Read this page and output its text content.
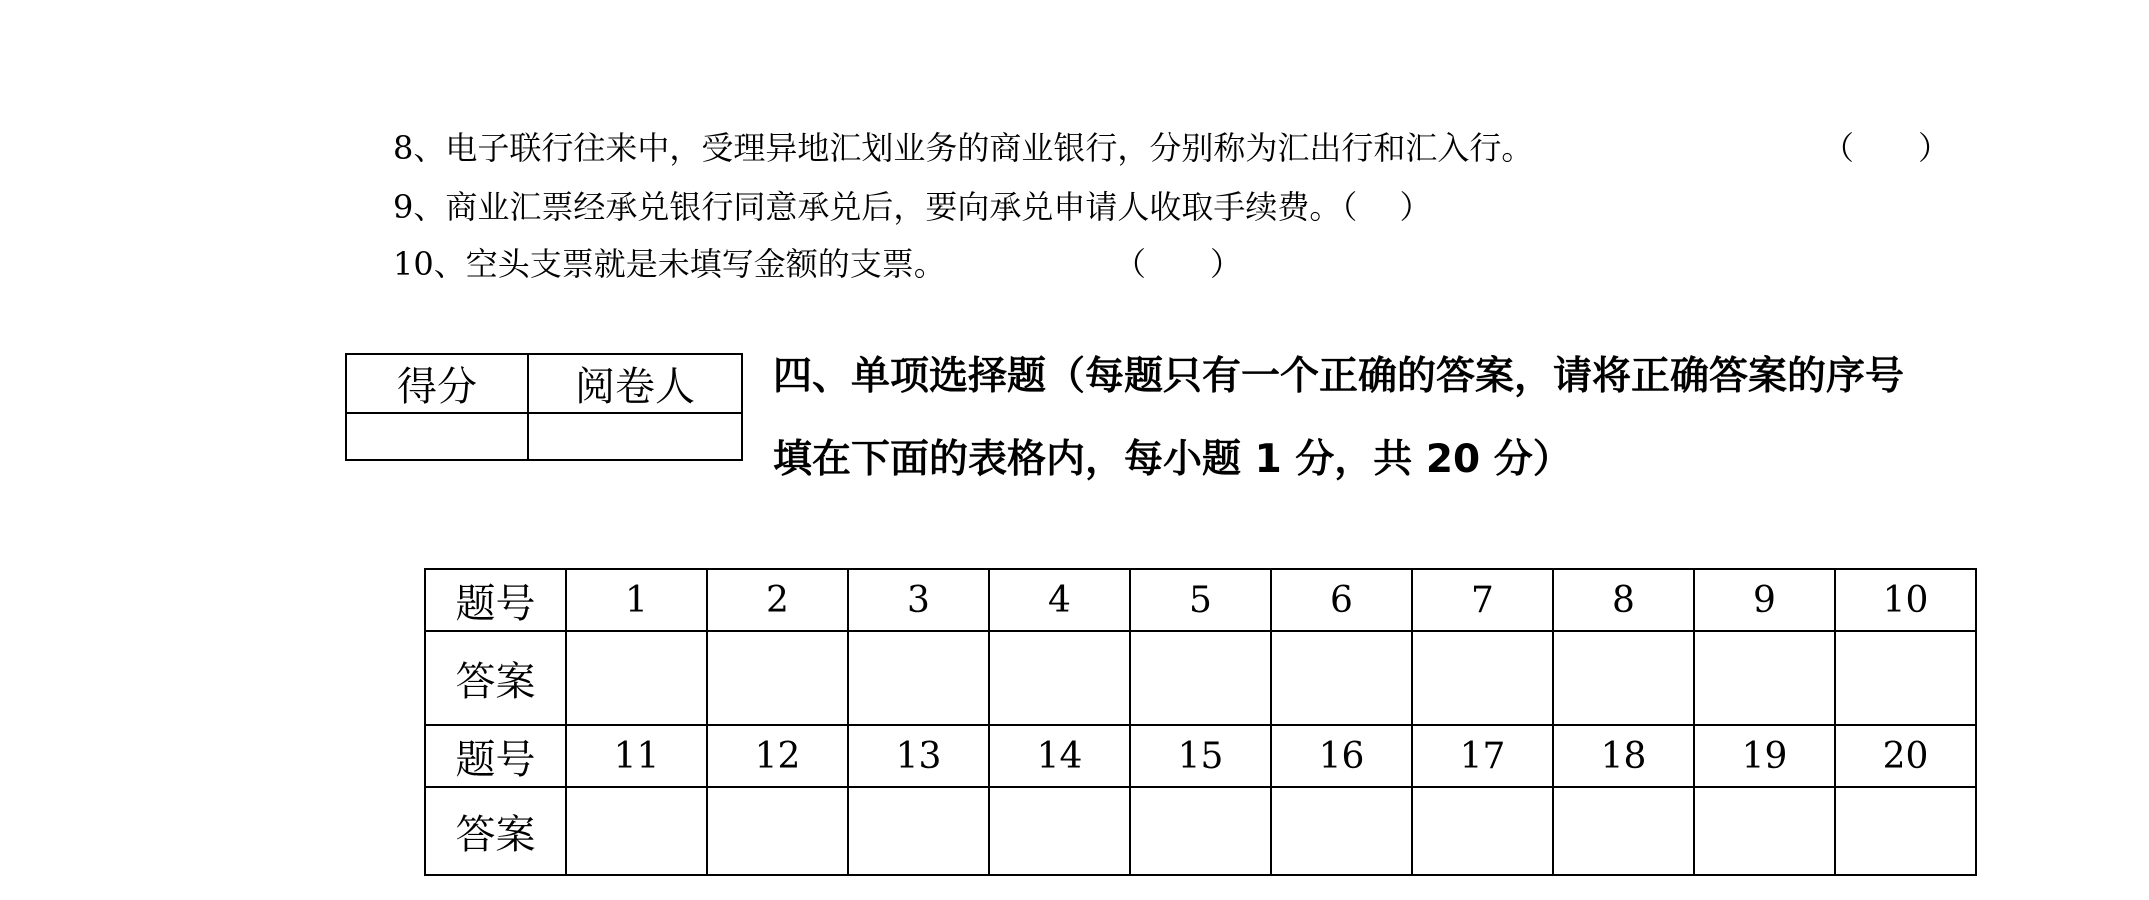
8、电子联行往来中，受理异地汇划业务的商业银行，分别称为汇出行和汇入行。	（　　）
9、商业汇票经承兑银行同意承兑后，要向承兑申请人收取手续费。（　 ）
10、空头支票就是未填写金额的支票。	（　　）
得分	阅卷人
	四、单项选择题（每题只有一个正确的答案，请将正确答案的序号
填在下面的表格内，每小题 1 分，共 20 分）
题号	1	2	3	4	5	6	7	8	9	10
答案										
题号	11	12	13	14	15	16	17	18	19	20
答案										
